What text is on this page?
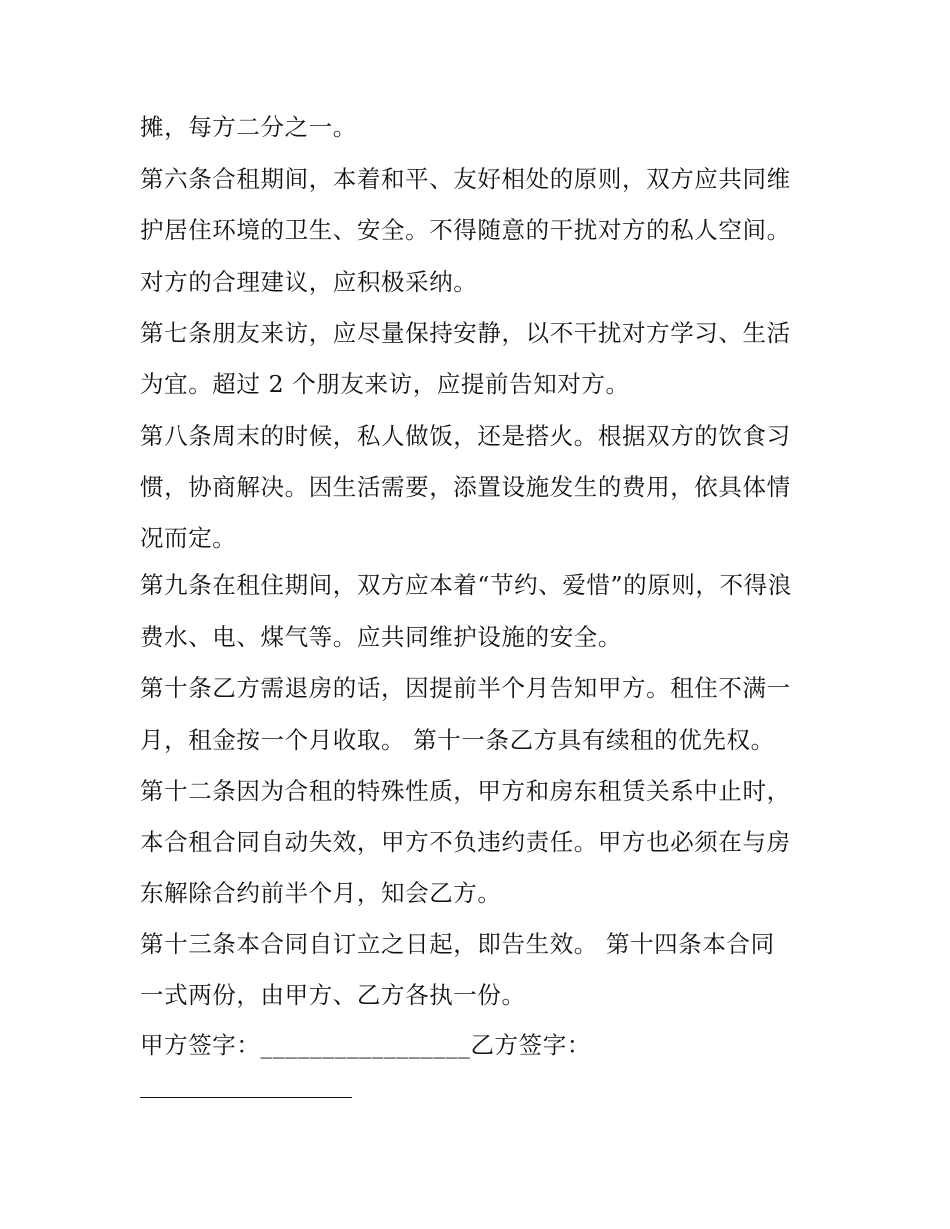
摊，每方二分之一。
第六条合租期间，本着和平、友好相处的原则，双方应共同维
护居住环境的卫生、安全。不得随意的干扰对方的私人空间。
对方的合理建议，应积极采纳。
第七条朋友来访，应尽量保持安静，以不干扰对方学习、生活
为宜。超过 2 个朋友来访，应提前告知对方。
第八条周末的时候，私人做饭，还是搭火。根据双方的饮食习
惯，协商解决。因生活需要，添置设施发生的费用，依具体情
况而定。
第九条在租住期间，双方应本着“节约、爱惜”的原则，不得浪
费水、电、煤气等。应共同维护设施的安全。
第十条乙方需退房的话，因提前半个月告知甲方。租住不满一
月，租金按一个月收取。 第十一条乙方具有续租的优先权。
第十二条因为合租的特殊性质，甲方和房东租赁关系中止时，
本合租合同自动失效，甲方不负违约责任。甲方也必须在与房
东解除合约前半个月，知会乙方。
第十三条本合同自订立之日起，即告生效。 第十四条本合同
一式两份，由甲方、乙方各执一份。
甲方签字：_________________乙方签字：
